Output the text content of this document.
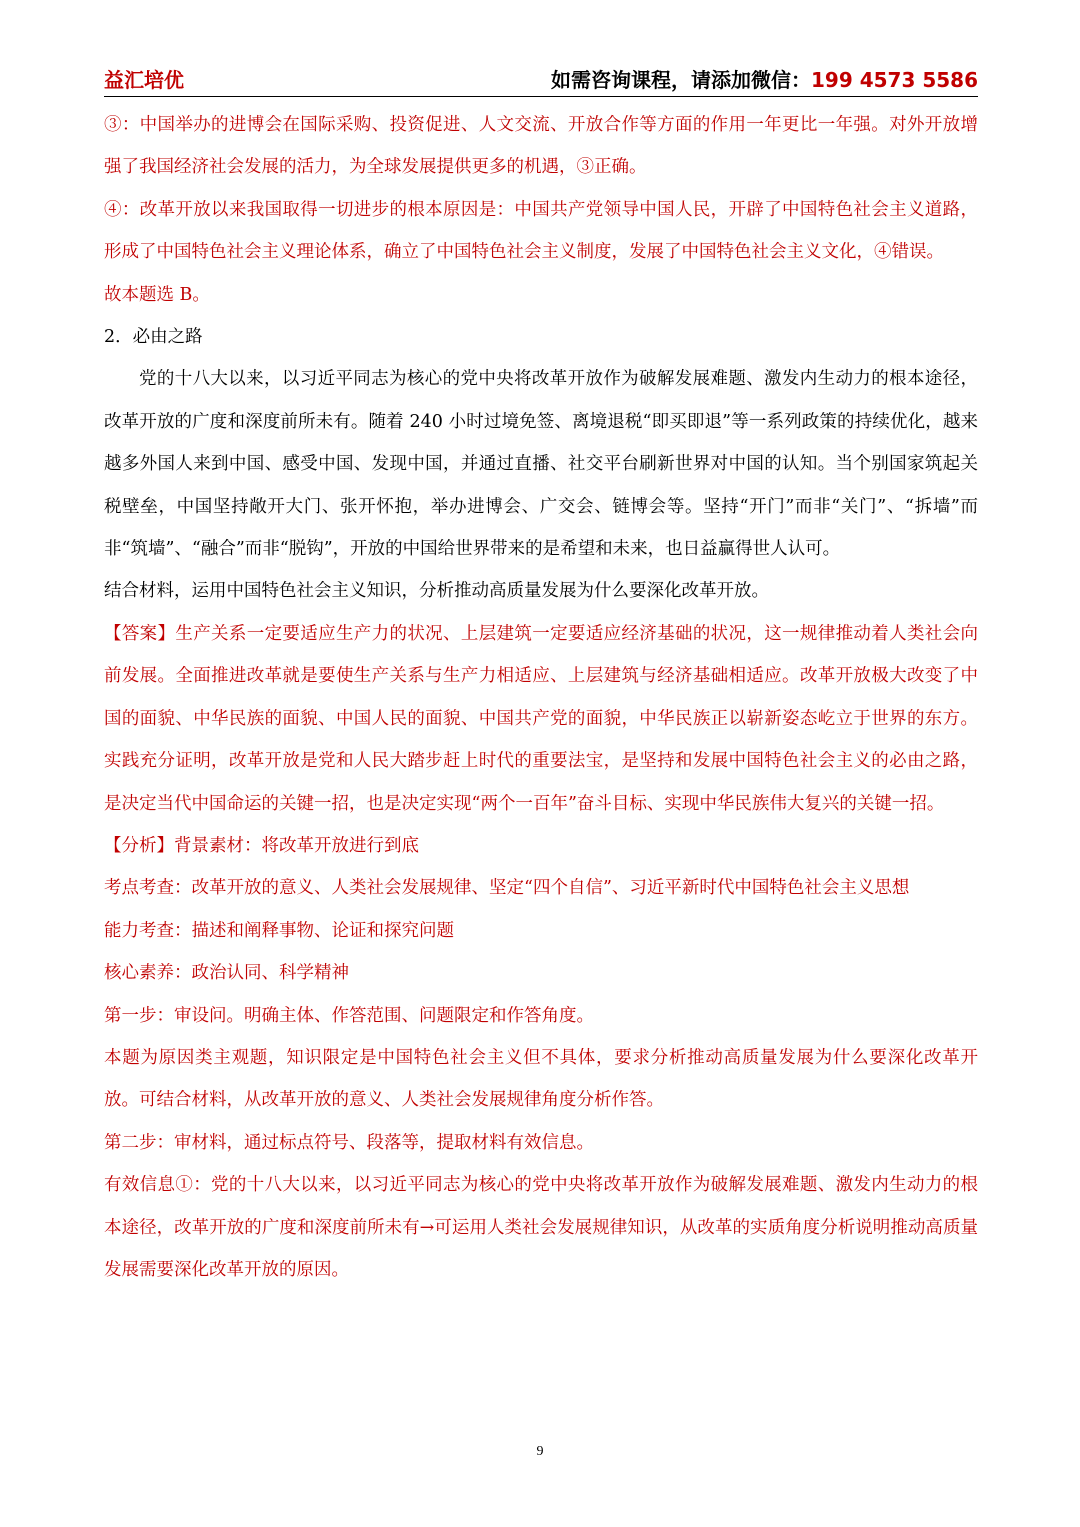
益汇培优	如需咨询课程，请添加微信：199 4573 5586

③：中国举办的进博会在国际采购、投资促进、人文交流、开放合作等方面的作用一年更比一年强。对外开放增强了我国经济社会发展的活力，为全球发展提供更多的机遇，③正确。

④：改革开放以来我国取得一切进步的根本原因是：中国共产党领导中国人民，开辟了中国特色社会主义道路，形成了中国特色社会主义理论体系，确立了中国特色社会主义制度，发展了中国特色社会主义文化，④错误。

故本题选 B。

2．必由之路

党的十八大以来，以习近平同志为核心的党中央将改革开放作为破解发展难题、激发内生动力的根本途径，改革开放的广度和深度前所未有。随着 240 小时过境免签、离境退税“即买即退”等一系列政策的持续优化，越来越多外国人来到中国、感受中国、发现中国，并通过直播、社交平台刷新世界对中国的认知。当个别国家筑起关税壁垒，中国坚持敞开大门、张开怀抱，举办进博会、广交会、链博会等。坚持“开门”而非“关门”、“拆墙”而非“筑墙”、“融合”而非“脱钩”，开放的中国给世界带来的是希望和未来，也日益赢得世人认可。

结合材料，运用中国特色社会主义知识，分析推动高质量发展为什么要深化改革开放。

【答案】生产关系一定要适应生产力的状况、上层建筑一定要适应经济基础的状况，这一规律推动着人类社会向前发展。全面推进改革就是要使生产关系与生产力相适应、上层建筑与经济基础相适应。改革开放极大改变了中国的面貌、中华民族的面貌、中国人民的面貌、中国共产党的面貌，中华民族正以崭新姿态屹立于世界的东方。实践充分证明，改革开放是党和人民大踏步赶上时代的重要法宝，是坚持和发展中国特色社会主义的必由之路，是决定当代中国命运的关键一招，也是决定实现“两个一百年”奋斗目标、实现中华民族伟大复兴的关键一招。

【分析】背景素材：将改革开放进行到底

考点考查：改革开放的意义、人类社会发展规律、坚定“四个自信”、习近平新时代中国特色社会主义思想

能力考查：描述和阐释事物、论证和探究问题

核心素养：政治认同、科学精神

第一步：审设问。明确主体、作答范围、问题限定和作答角度。

本题为原因类主观题，知识限定是中国特色社会主义但不具体，要求分析推动高质量发展为什么要深化改革开放。可结合材料，从改革开放的意义、人类社会发展规律角度分析作答。

第二步：审材料，通过标点符号、段落等，提取材料有效信息。

有效信息①：党的十八大以来，以习近平同志为核心的党中央将改革开放作为破解发展难题、激发内生动力的根本途径，改革开放的广度和深度前所未有→可运用人类社会发展规律知识，从改革的实质角度分析说明推动高质量发展需要深化改革开放的原因。

9
